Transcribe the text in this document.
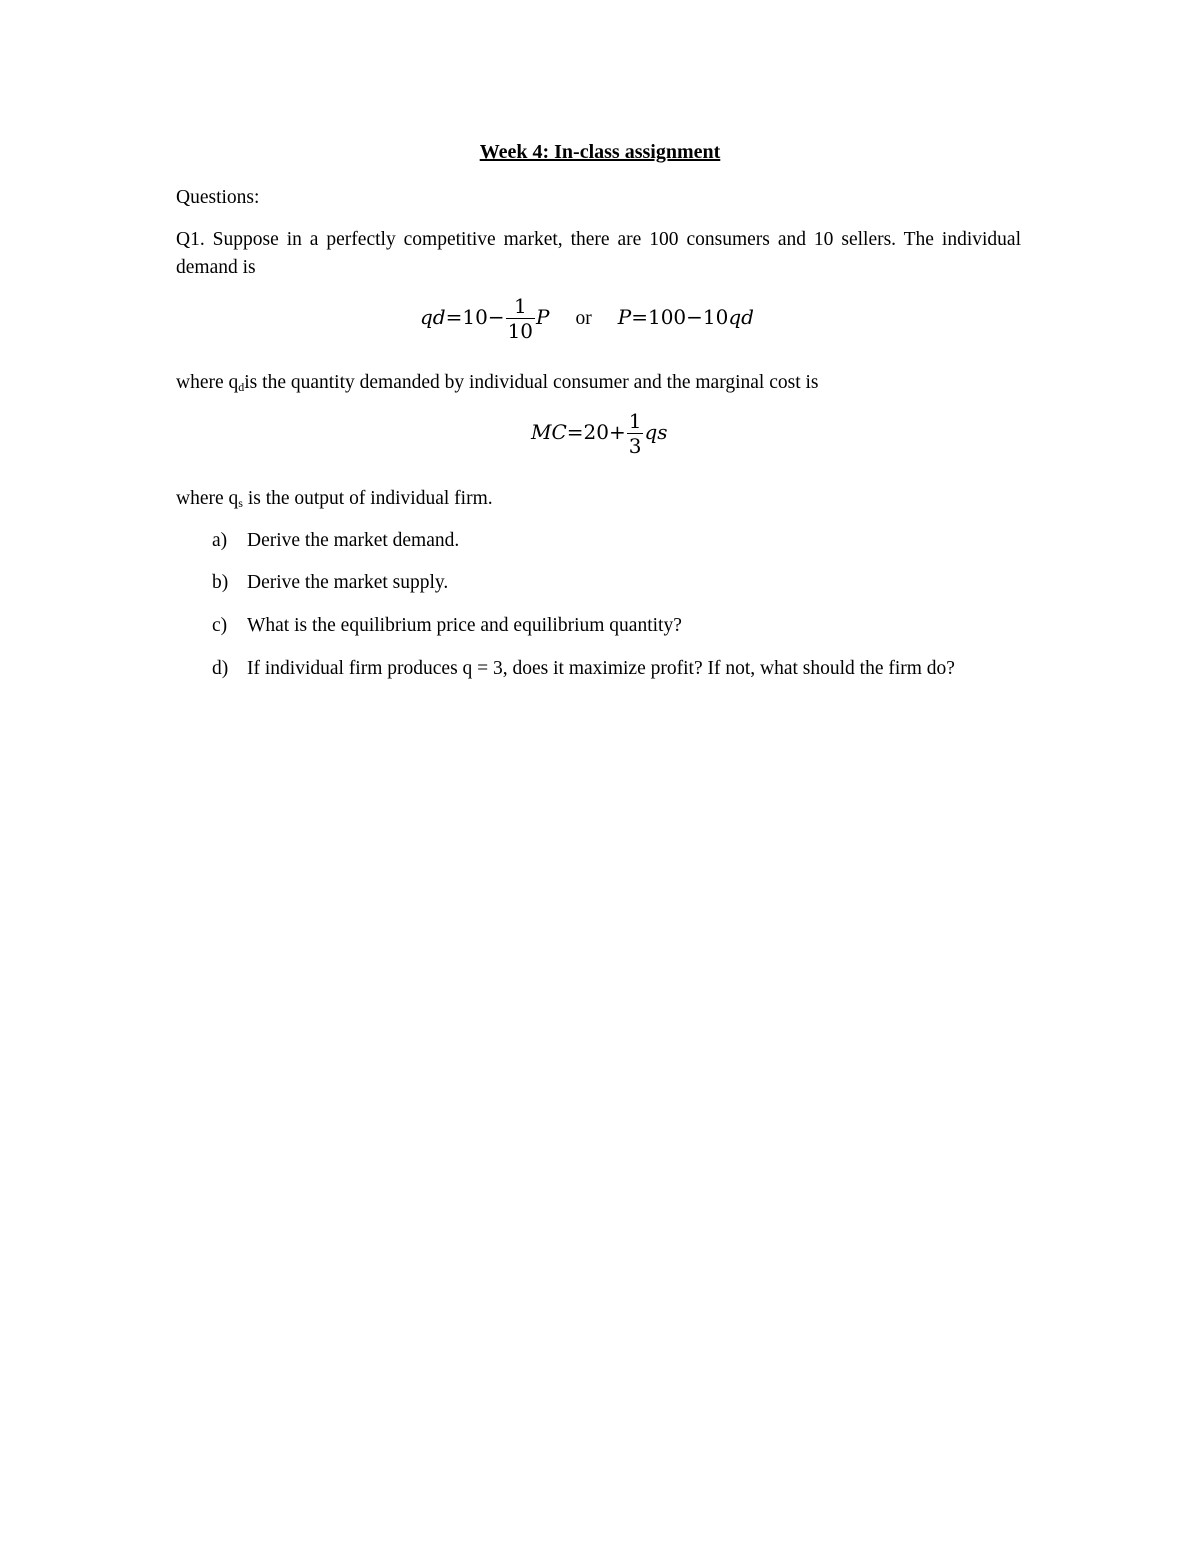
Week 4: In-class assignment
Questions:
Q1. Suppose in a perfectly competitive market, there are 100 consumers and 10 sellers. The individual demand is
$qd=10- \frac{1}{10}$ P or P=100−10qd
where $q_dis$ the quantity demanded by individual consumer and the marginal cost is
$MC=20+ \frac{1}{3}$ qs
where $q_s$ is the output of individual firm.
a) Derive the market demand.
b) Derive the market supply.
c) What is the equilibrium price and equilibrium quantity?
d) If individual firm produces q = 3, does it maximize profit? If not, what should the firm do?
